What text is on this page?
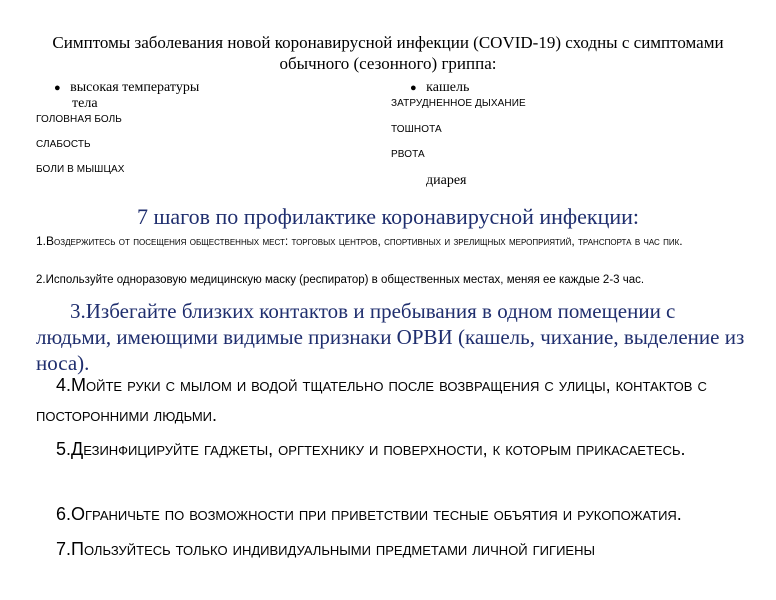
Симптомы заболевания новой коронавирусной инфекции (COVID-19) сходны с симптомами обычного (сезонного) гриппа:
● высокая температуры
тела
ГОЛОВНАЯ БОЛЬ
СЛАБОСТЬ
БОЛИ В МЫШЦАХ
● кашель
ЗАТРУДНЕННОЕ ДЫХАНИЕ
ТОШНОТА
РВОТА
диарея
7 шагов по профилактике коронавирусной инфекции:
1.Воздержитесь от посещения общественных мест: торговых центров, спортивных и зрелищных мероприятий, транспорта в час пик.
2.Используйте одноразовую медицинскую маску (респиратор) в общественных местах, меняя ее каждые 2-3 час.
3.Избегайте близких контактов и пребывания в одном помещении с людьми, имеющими видимые признаки ОРВИ (кашель, чихание, выделение из носа).
4.Мойте руки с мылом и водой тщательно после возвращения с улицы, контактов с посторонними людьми.
5.Дезинфицируйте гаджеты, оргтехнику и поверхности, к которым прикасаетесь.
6.Ограничьте по возможности при приветствии тесные объятия и рукопожатия.
7.Пользуйтесь только индивидуальными предметами личной гигиены
